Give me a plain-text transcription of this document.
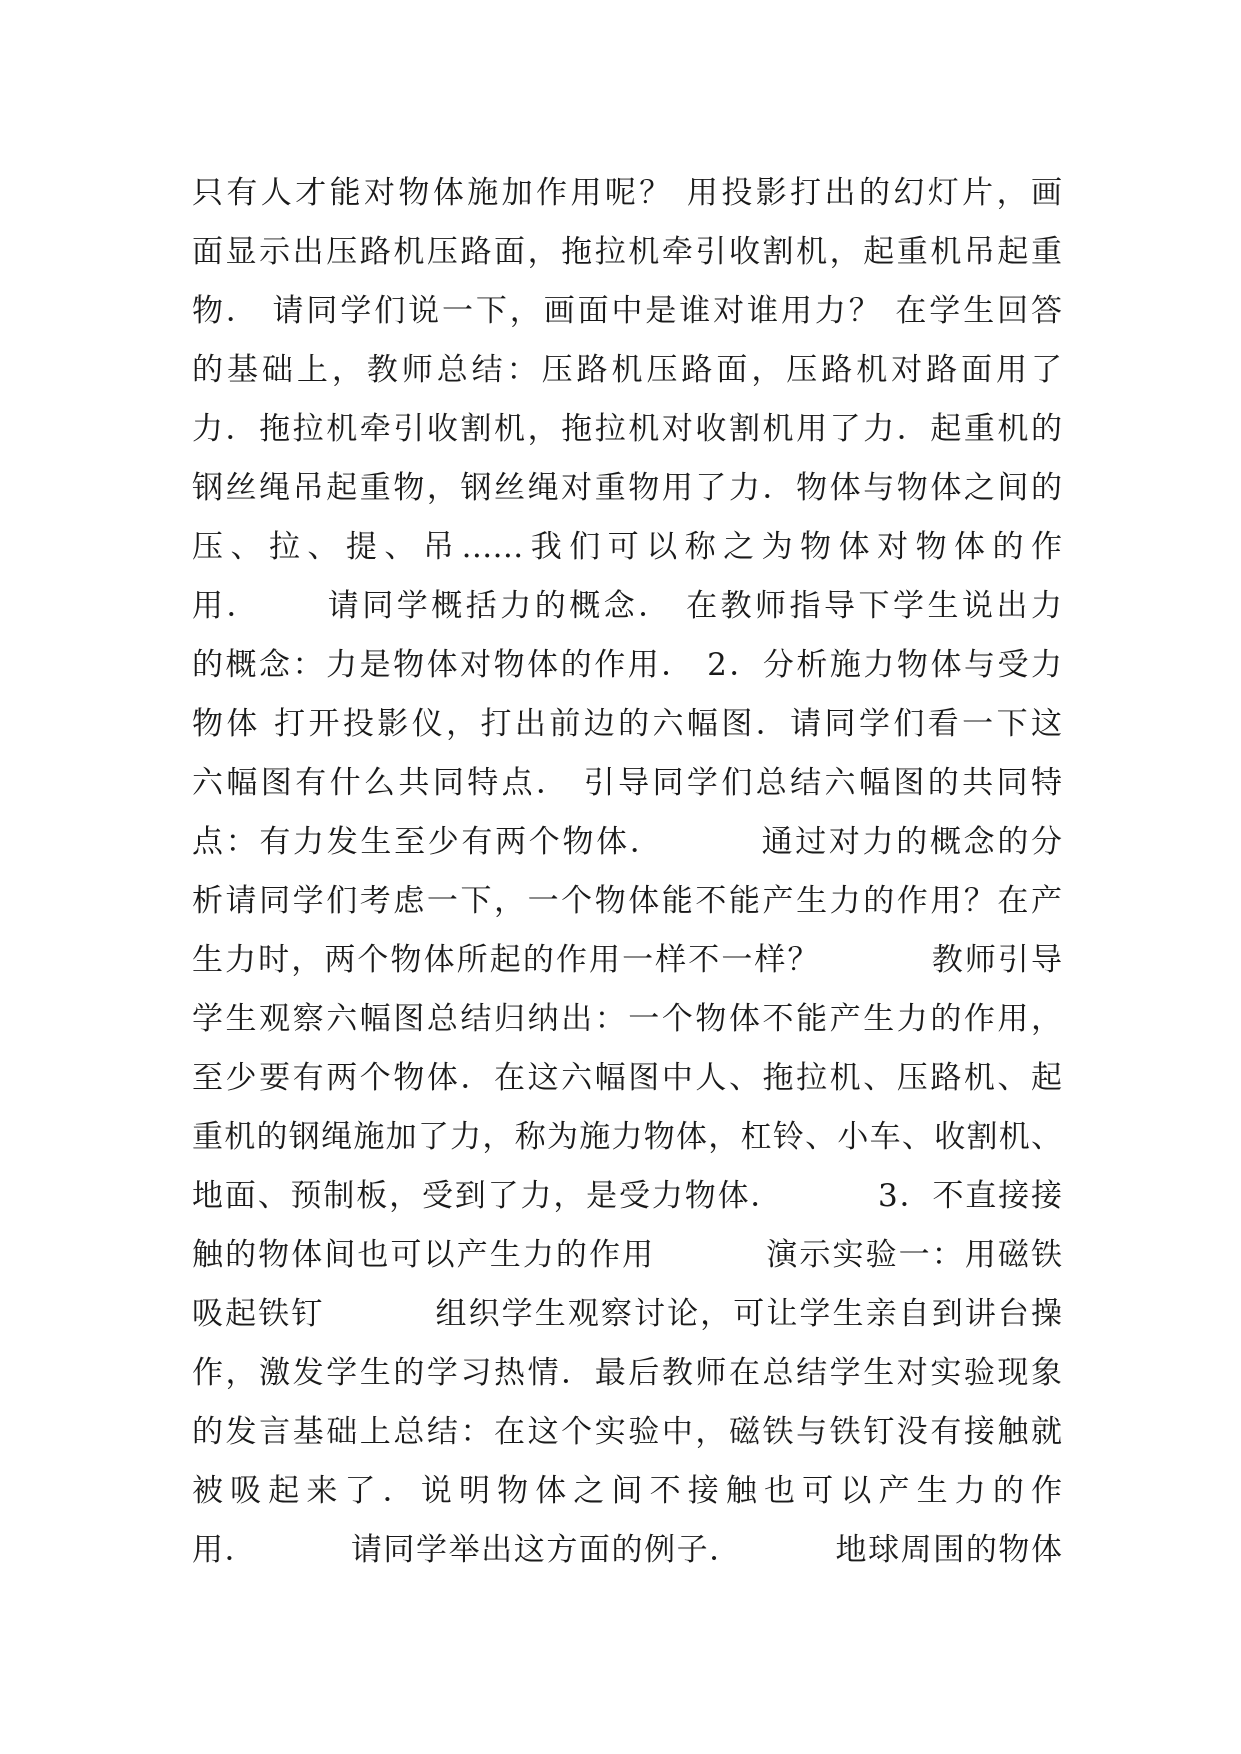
只有人才能对物体施加作用呢？ 用投影打出的幻灯片，画
面显示出压路机压路面，拖拉机牵引收割机，起重机吊起重
物． 请同学们说一下，画面中是谁对谁用力？ 在学生回答
的基础上，教师总结：压路机压路面，压路机对路面用了
力．拖拉机牵引收割机，拖拉机对收割机用了力．起重机的
钢丝绳吊起重物，钢丝绳对重物用了力．物体与物体之间的
压、拉、提、吊……我们可以称之为物体对物体的作
用．　　 请同学概括力的概念． 在教师指导下学生说出力
的概念：力是物体对物体的作用． 2．分析施力物体与受力
物体 打开投影仪，打出前边的六幅图．请同学们看一下这
六幅图有什么共同特点． 引导同学们总结六幅图的共同特
点：有力发生至少有两个物体．　　　 通过对力的概念的分
析请同学们考虑一下，一个物体能不能产生力的作用？在产
生力时，两个物体所起的作用一样不一样？　　　 教师引导
学生观察六幅图总结归纳出：一个物体不能产生力的作用，
至少要有两个物体．在这六幅图中人、拖拉机、压路机、起
重机的钢绳施加了力，称为施力物体，杠铃、小车、收割机、
地面、预制板，受到了力，是受力物体．　　　 3．不直接接
触的物体间也可以产生力的作用　　　 演示实验一：用磁铁
吸起铁钉　　　 组织学生观察讨论，可让学生亲自到讲台操
作，激发学生的学习热情．最后教师在总结学生对实验现象
的发言基础上总结：在这个实验中，磁铁与铁钉没有接触就
被吸起来了．说明物体之间不接触也可以产生力的作
用．　　　 请同学举出这方面的例子．　　　 地球周围的物体
